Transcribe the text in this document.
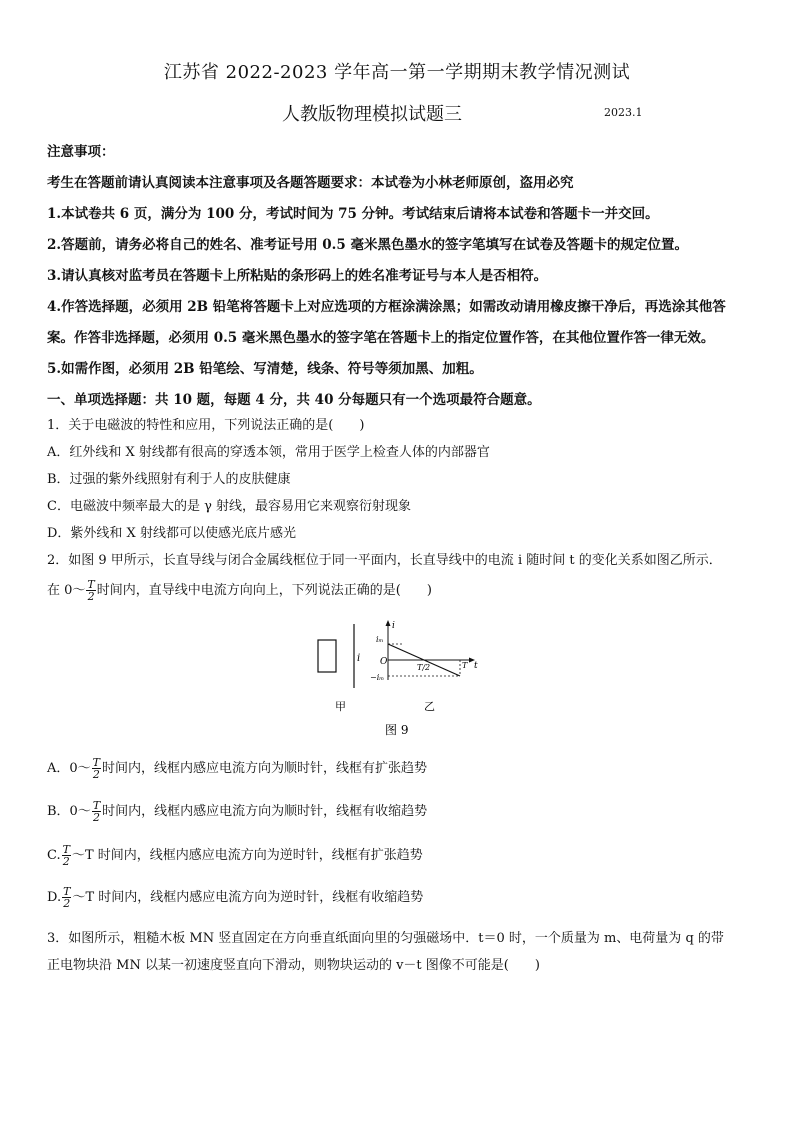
江苏省 2022-2023 学年高一第一学期期末教学情况测试
人教版物理模拟试题三	2023.1
注意事项：
考生在答题前请认真阅读本注意事项及各题答题要求：本试卷为小林老师原创，盗用必究
1.本试卷共 6 页，满分为 100 分，考试时间为 75 分钟。考试结束后请将本试卷和答题卡一并交回。
2.答题前，请务必将自己的姓名、准考证号用 0.5 毫米黑色墨水的签字笔填写在试卷及答题卡的规定位置。
3.请认真核对监考员在答题卡上所粘贴的条形码上的姓名准考证号与本人是否相符。
4.作答选择题，必须用 2B 铅笔将答题卡上对应选项的方框涂满涂黑；如需改动请用橡皮擦干净后，再选涂其他答
案。作答非选择题，必须用 0.5 毫米黑色墨水的签字笔在答题卡上的指定位置作答，在其他位置作答一律无效。
5.如需作图，必须用 2B 铅笔绘、写清楚，线条、符号等须加黑、加粗。
一、单项选择题：共 10 题，每题 4 分，共 40 分每题只有一个选项最符合题意。
1．关于电磁波的特性和应用，下列说法正确的是(　　)
A．红外线和 X 射线都有很高的穿透本领，常用于医学上检查人体的内部器官
B．过强的紫外线照射有利于人的皮肤健康
C．电磁波中频率最大的是 γ 射线，最容易用它来观察衍射现象
D．紫外线和 X 射线都可以使感光底片感光
2．如图 9 甲所示，长直导线与闭合金属线框位于同一平面内，长直导线中的电流 i 随时间 t 的变化关系如图乙所示．
在 0～ $\frac{T}{2}$ 时间内，直导线中电流方向向上，下列说法正确的是(　　)
i
i
t
O
iₘ
−iₘ
T/2	T
甲	乙
图 9
A．0～ $\frac{T}{2}$ 时间内，线框内感应电流方向为顺时针，线框有扩张趋势
B．0～ $\frac{T}{2}$ 时间内，线框内感应电流方向为顺时针，线框有收缩趋势
C. $\frac{T}{2}$ ～T 时间内，线框内感应电流方向为逆时针，线框有扩张趋势
D. $\frac{T}{2}$ ～T 时间内，线框内感应电流方向为逆时针，线框有收缩趋势
3．如图所示，粗糙木板 MN 竖直固定在方向垂直纸面向里的匀强磁场中．t＝0 时，一个质量为 m、电荷量为 q 的带
正电物块沿 MN 以某一初速度竖直向下滑动，则物块运动的 v－t 图像不可能是(　　)
